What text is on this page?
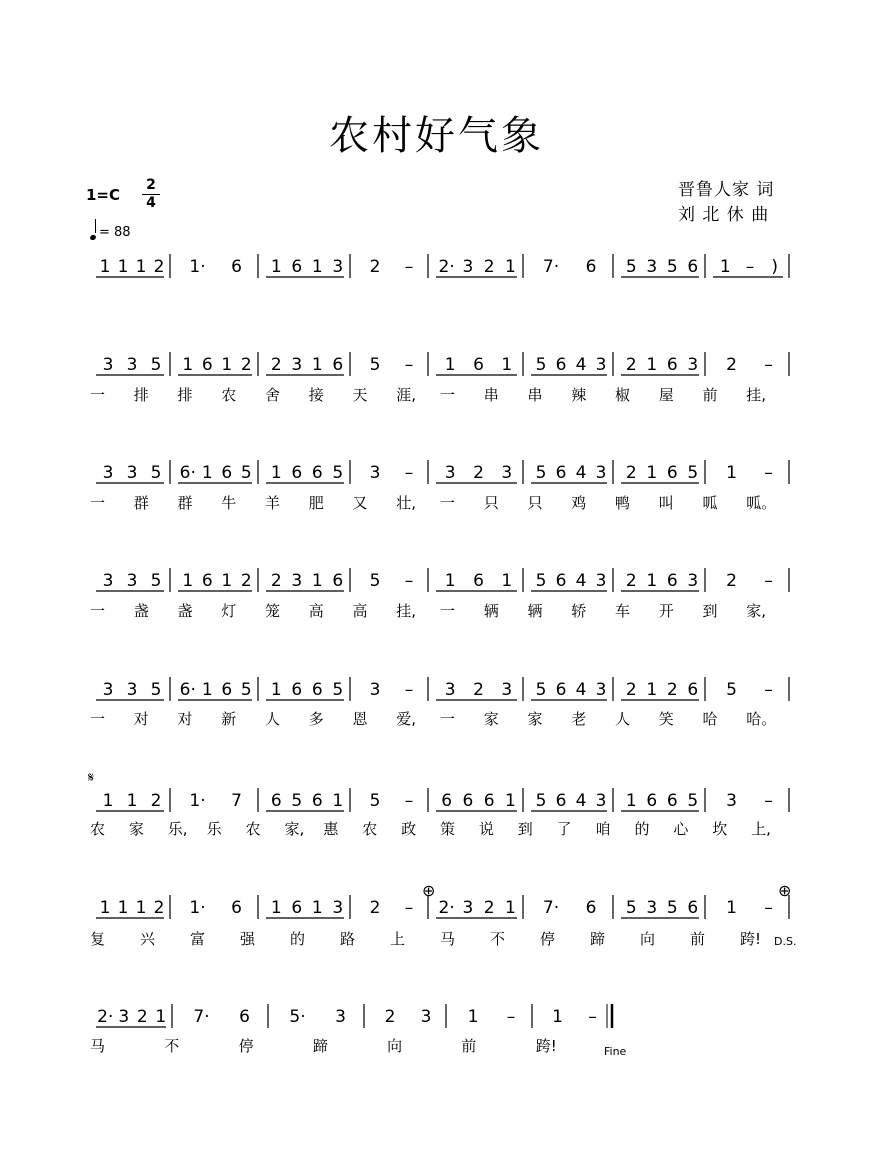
农村好气象
1=C
2
4
= 88
晋鲁人家 词
刘 北 休 曲
1 1 1 2 1· 6 1 6 1 3 2 – 2· 3 2 1 7· 6 5 3 5 6 1 – )
3 3 5 1 6 1 2 2 3 1 6 5 – 1 6 1 5 6 4 3 2 1 6 3 2 –
一 排 排 农 舍 接 天 涯, 一 串 串 辣 椒 屋 前 挂,
3 3 5 6· 1 6 5 1 6 6 5 3 – 3 2 3 5 6 4 3 2 1 6 5 1 –
一 群 群 牛 羊 肥 又 壮, 一 只 只 鸡 鸭 叫 呱 呱。
3 3 5 1 6 1 2 2 3 1 6 5 – 1 6 1 5 6 4 3 2 1 6 3 2 –
一 盏 盏 灯 笼 高 高 挂, 一 辆 辆 轿 车 开 到 家,
3 3 5 6· 1 6 5 1 6 6 5 3 – 3 2 3 5 6 4 3 2 1 2 6 5 –
一 对 对 新 人 多 恩 爱, 一 家 家 老 人 笑 哈 哈。
1 1 2 1· 7 6 5 6 1 5 – 6 6 6 1 5 6 4 3 1 6 6 5 3 –
农 家 乐, 乐 农 家, 惠 农 政 策 说 到 了 咱 的 心 坎 上,
1 1 1 2 1· 6 1 6 1 3 2 – 2· 3 2 1 7· 6 5 3 5 6 1 –
复 兴 富 强 的 路 上 马 不 停 蹄 向 前 跨!
2· 3 2 1 7· 6 5· 3 2 3 1 – 1 –
马	不	停	蹄	向	前	跨!
𝄋
⊕	⊕
D.S.
Fine
